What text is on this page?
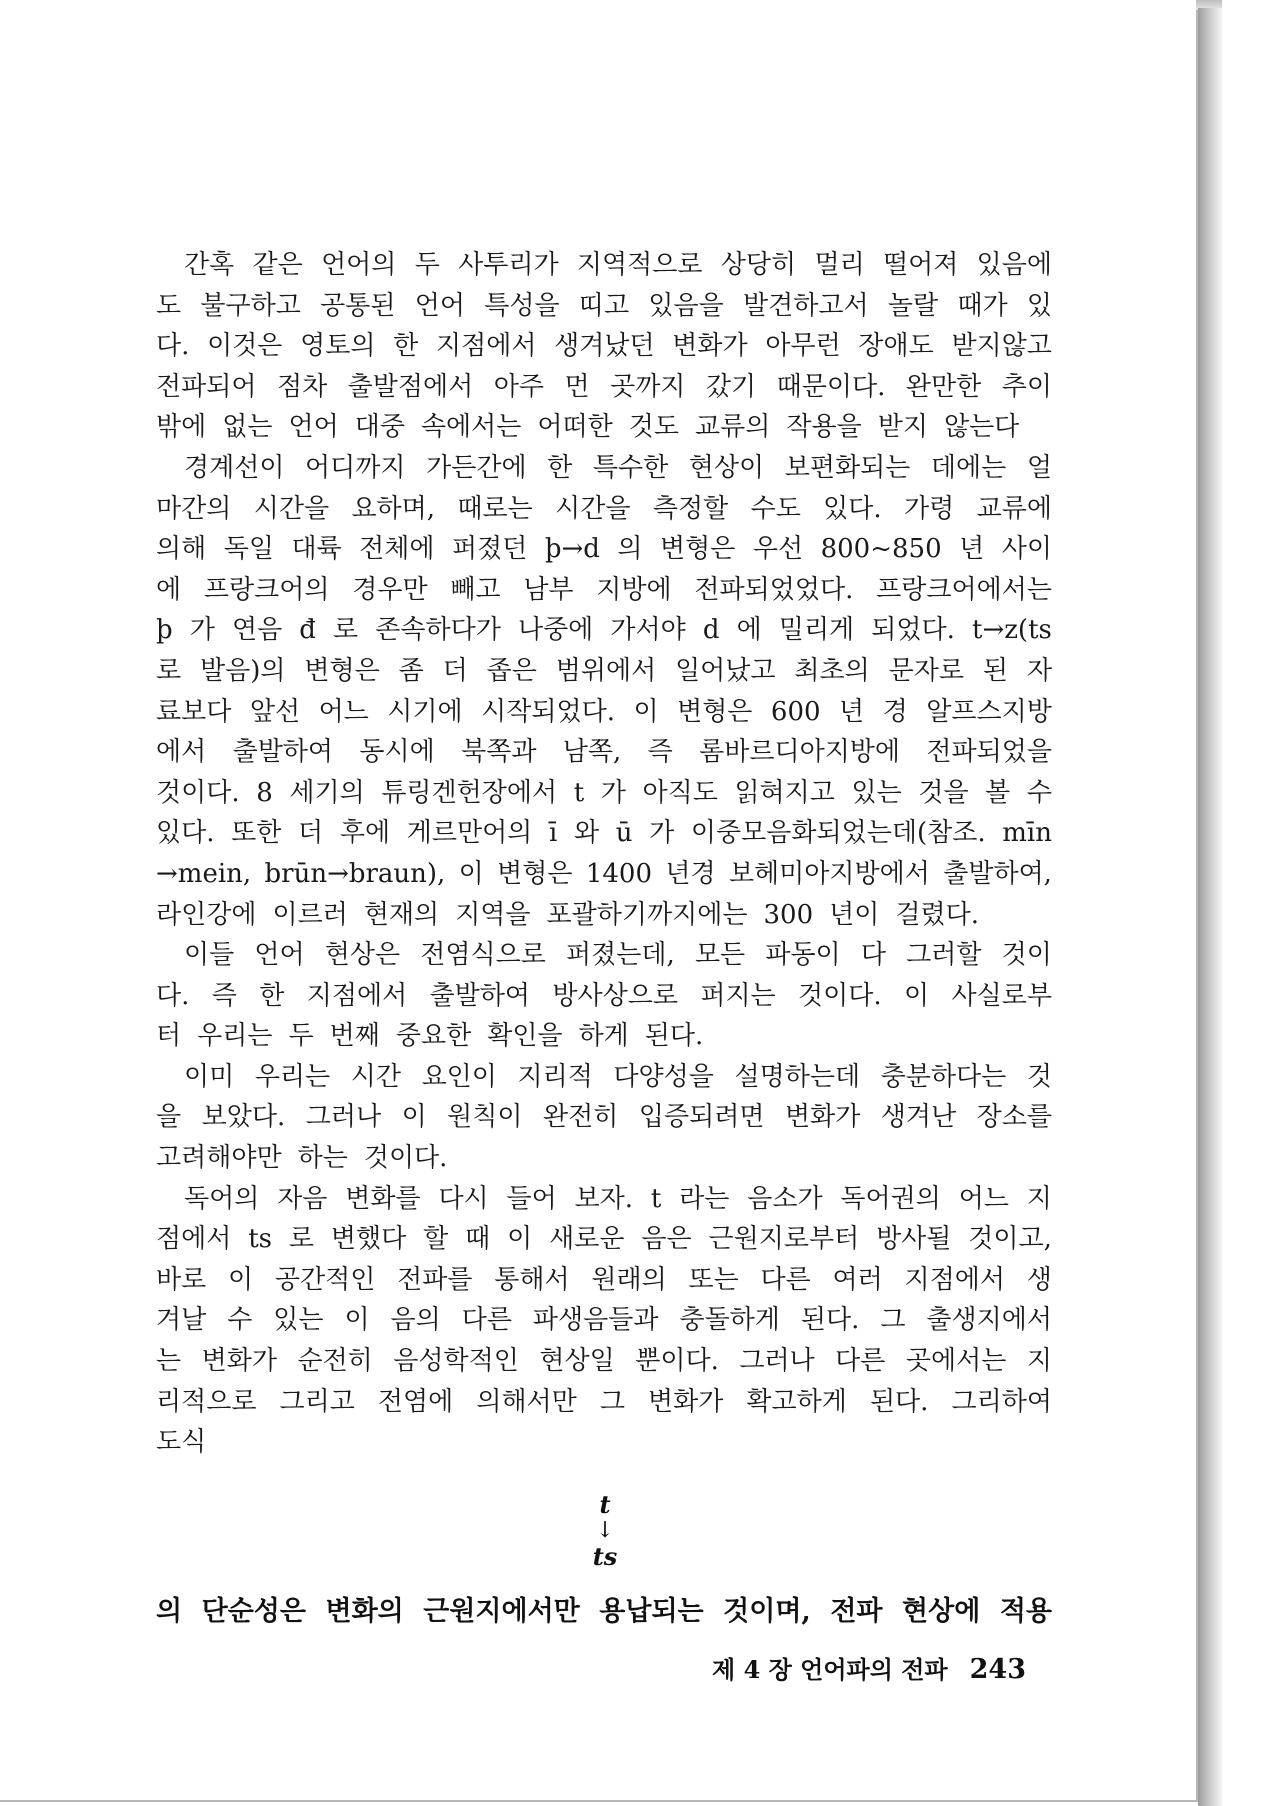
간혹 같은 언어의 두 사투리가 지역적으로 상당히 멀리 떨어져 있음에
도 불구하고 공통된 언어 특성을 띠고 있음을 발견하고서 놀랄 때가 있
다. 이것은 영토의 한 지점에서 생겨났던 변화가 아무런 장애도 받지않고
전파되어 점차 출발점에서 아주 먼 곳까지 갔기 때문이다. 완만한 추이
밖에 없는 언어 대중 속에서는 어떠한 것도 교류의 작용을 받지 않는다
경계선이 어디까지 가든간에 한 특수한 현상이 보편화되는 데에는 얼
마간의 시간을 요하며, 때로는 시간을 측정할 수도 있다. 가령 교류에
의해 독일 대륙 전체에 퍼졌던 þ→d 의 변형은 우선 800~850 년 사이
에 프랑크어의 경우만 빼고 남부 지방에 전파되었었다. 프랑크어에서는
þ 가 연음 đ 로 존속하다가 나중에 가서야 d 에 밀리게 되었다. t→z(ts
로 발음)의 변형은 좀 더 좁은 범위에서 일어났고 최초의 문자로 된 자
료보다 앞선 어느 시기에 시작되었다. 이 변형은 600 년 경 알프스지방
에서 출발하여 동시에 북쪽과 남쪽, 즉 롬바르디아지방에 전파되었을
것이다. 8 세기의 튜링겐헌장에서 t 가 아직도 읽혀지고 있는 것을 볼 수
있다. 또한 더 후에 게르만어의 ī 와 ū 가 이중모음화되었는데(참조. mīn
→mein, brūn→braun), 이 변형은 1400 년경 보헤미아지방에서 출발하여,
라인강에 이르러 현재의 지역을 포괄하기까지에는 300 년이 걸렸다.
이들 언어 현상은 전염식으로 퍼졌는데, 모든 파동이 다 그러할 것이
다. 즉 한 지점에서 출발하여 방사상으로 퍼지는 것이다. 이 사실로부
터 우리는 두 번째 중요한 확인을 하게 된다.
이미 우리는 시간 요인이 지리적 다양성을 설명하는데 충분하다는 것
을 보았다. 그러나 이 원칙이 완전히 입증되려면 변화가 생겨난 장소를
고려해야만 하는 것이다.
독어의 자음 변화를 다시 들어 보자. t 라는 음소가 독어권의 어느 지
점에서 ts 로 변했다 할 때 이 새로운 음은 근원지로부터 방사될 것이고,
바로 이 공간적인 전파를 통해서 원래의 또는 다른 여러 지점에서 생
겨날 수 있는 이 음의 다른 파생음들과 충돌하게 된다. 그 출생지에서
는 변화가 순전히 음성학적인 현상일 뿐이다. 그러나 다른 곳에서는 지
리적으로 그리고 전염에 의해서만 그 변화가 확고하게 된다. 그리하여
도식
t
↓
ts
의 단순성은 변화의 근원지에서만 용납되는 것이며, 전파 현상에 적용
제 4 장 언어파의 전파 243
